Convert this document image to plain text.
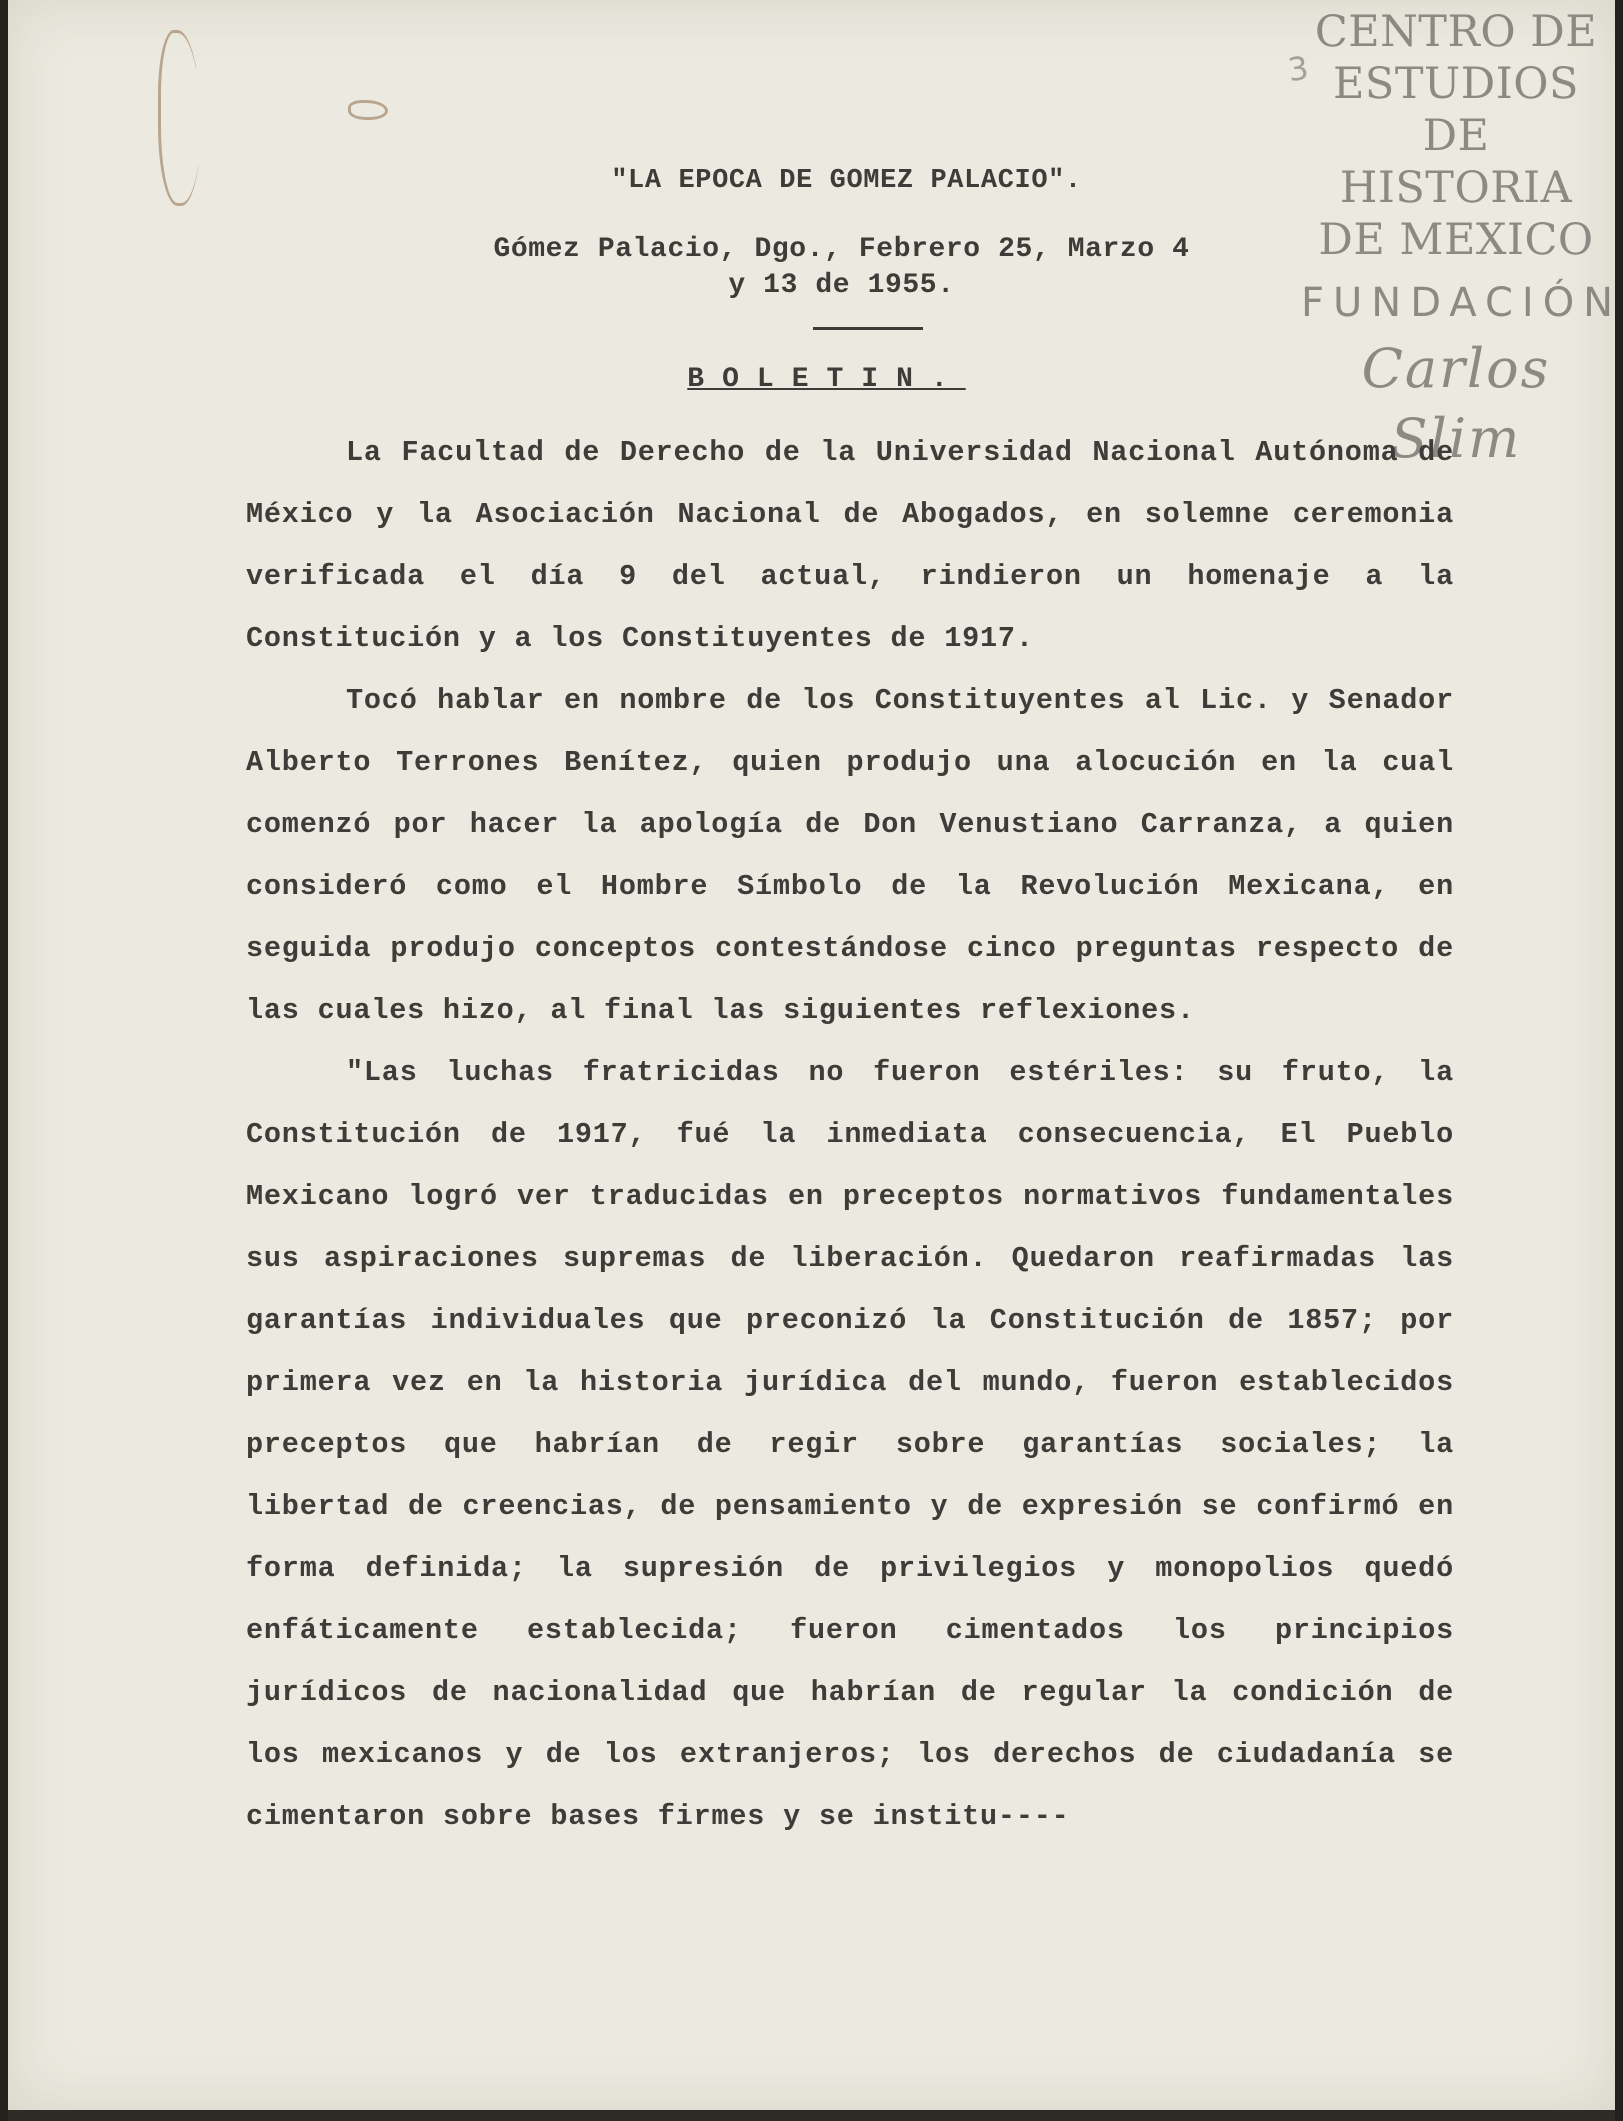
CENTRO DE
ESTUDIOS
DE HISTORIA
DE MEXICO
FUNDACIÓN
Carlos Slim
3
"LA EPOCA DE GOMEZ PALACIO".
Gómez Palacio, Dgo., Febrero 25, Marzo 4
y 13 de 1955.
BOLETIN.

La Facultad de Derecho de la Universidad Nacional Autónoma de México y la Asociación Nacional de Abogados, en solemne ceremonia verificada el día 9 del actual, rindieron un homenaje a la Constitución y a los Constituyentes de 1917.

Tocó hablar en nombre de los Constituyentes al Lic. y Senador Alberto Terrones Benítez, quien produjo una alocución en la cual comenzó por hacer la apología de Don Venustiano Carranza, a quien consideró como el Hombre Símbolo de la Revolución Mexicana, en seguida produjo conceptos contestándose cinco preguntas respecto de las cuales hizo, al final las siguientes reflexiones.

"Las luchas fratricidas no fueron estériles: su fruto, la Constitución de 1917, fué la inmediata consecuencia, El Pueblo Mexicano logró ver traducidas en preceptos normativos fundamentales sus aspiraciones supremas de liberación. Quedaron reafirmadas las garantías individuales que preconizó la Constitución de 1857; por primera vez en la historia jurídica del mundo, fueron establecidos preceptos que habrían de regir sobre garantías sociales; la libertad de creencias, de pensamiento y de expresión se confirmó en forma definida; la supresión de privilegios y monopolios quedó enfáticamente establecida; fueron cimentados los principios jurídicos de nacionalidad que habrían de regular la condición de los mexicanos y de los extranjeros; los derechos de ciudadanía se cimentaron sobre bases firmes y se institu----
